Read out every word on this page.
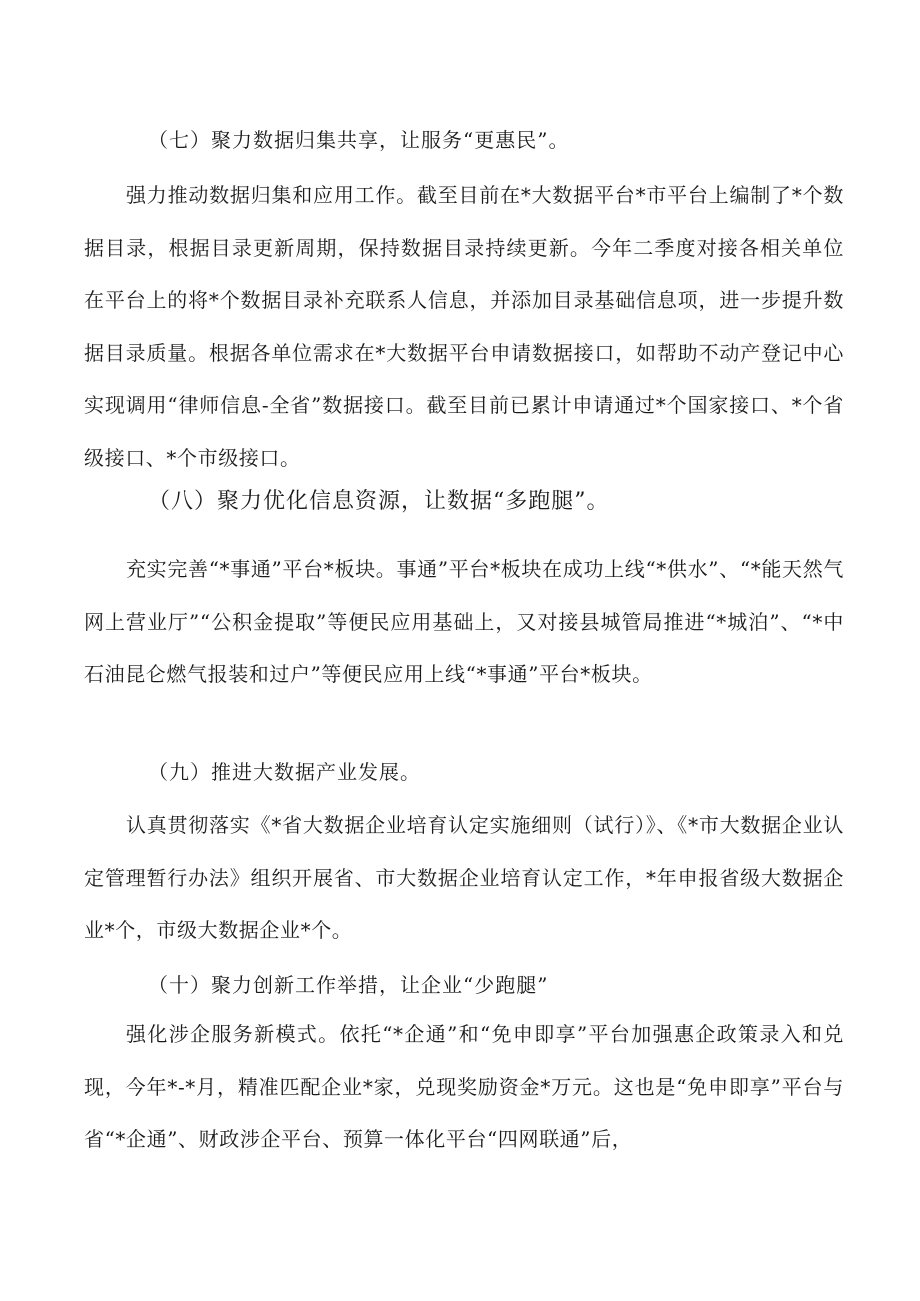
（七）聚力数据归集共享，让服务“更惠民”。

强力推动数据归集和应用工作。截至目前在*大数据平台*市平台上编制了*个数据目录，根据目录更新周期，保持数据目录持续更新。今年二季度对接各相关单位在平台上的将*个数据目录补充联系人信息，并添加目录基础信息项，进一步提升数据目录质量。根据各单位需求在*大数据平台申请数据接口，如帮助不动产登记中心实现调用“律师信息-全省”数据接口。截至目前已累计申请通过*个国家接口、*个省级接口、*个市级接口。

（八）聚力优化信息资源，让数据“多跑腿”。

充实完善“*事通”平台*板块。事通”平台*板块在成功上线“*供水”、“*能天然气网上营业厅”“公积金提取”等便民应用基础上，又对接县城管局推进“*城泊”、“*中石油昆仑燃气报装和过户”等便民应用上线“*事通”平台*板块。

（九）推进大数据产业发展。

认真贯彻落实《*省大数据企业培育认定实施细则（试行）》、《*市大数据企业认定管理暂行办法》组织开展省、市大数据企业培育认定工作，*年申报省级大数据企业*个，市级大数据企业*个。

（十）聚力创新工作举措，让企业“少跑腿”

强化涉企服务新模式。依托“*企通”和“免申即享”平台加强惠企政策录入和兑现，今年*-*月，精准匹配企业*家，兑现奖励资金*万元。这也是“免申即享”平台与省“*企通”、财政涉企平台、预算一体化平台“四网联通”后，
